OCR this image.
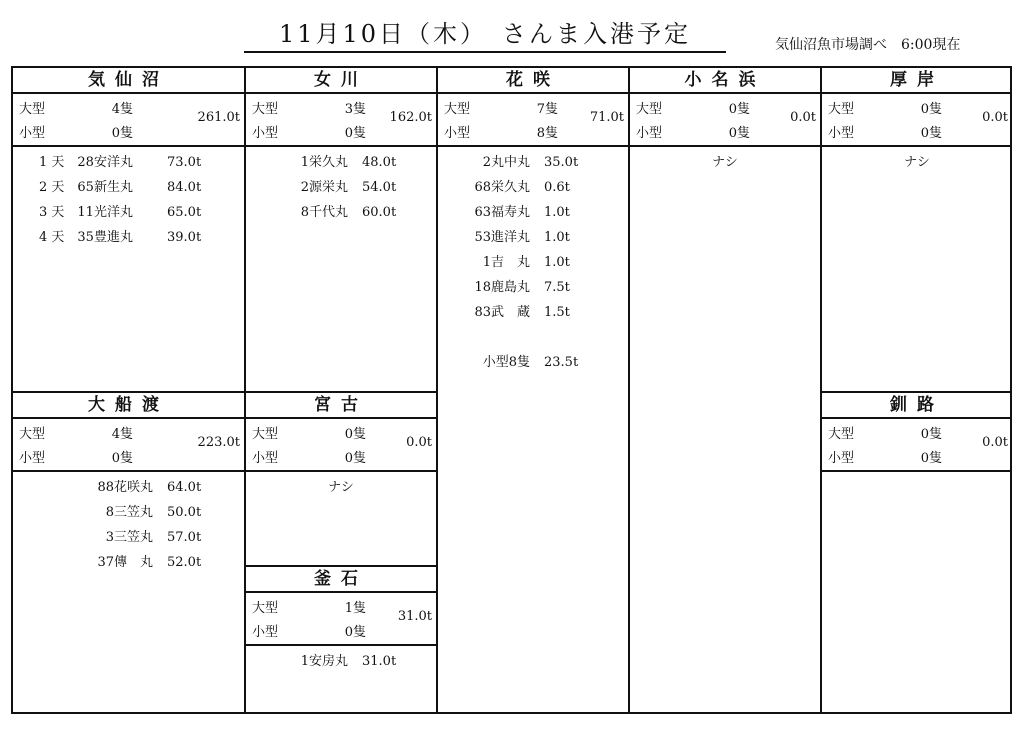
11月10日（木）　さんま入港予定	気仙沼魚市場調べ　6:00現在
気仙沼
大型	4隻
小型	0隻
261.0t
1 天　28安洋丸	73.0t
2 天　65新生丸	84.0t
3 天　11光洋丸	65.0t
4 天　35豊進丸	39.0t
女川
大型	3隻
小型	0隻
162.0t
1栄久丸 48.0t
2源栄丸 54.0t
8千代丸 60.0t
花咲
大型	7隻
小型	8隻
71.0t
2丸中丸 35.0t
68栄久丸 0.6t
63福寿丸 1.0t
53進洋丸 1.0t
1吉　丸 1.0t
18鹿島丸 7.5t
83武　蔵 1.5t
小型8隻 23.5t
小名浜
大型	0隻
小型	0隻
0.0t
ナシ
厚岸
大型	0隻
小型	0隻
0.0t
ナシ
大船渡
大型	4隻
小型	0隻
223.0t
88花咲丸 64.0t
8三笠丸 50.0t
3三笠丸 57.0t
37傳　丸 52.0t
宮古
大型	0隻
小型	0隻
0.0t
ナシ
釜石
大型	1隻
小型	0隻
31.0t
1安房丸 31.0t
釧路
大型	0隻
小型	0隻
0.0t
